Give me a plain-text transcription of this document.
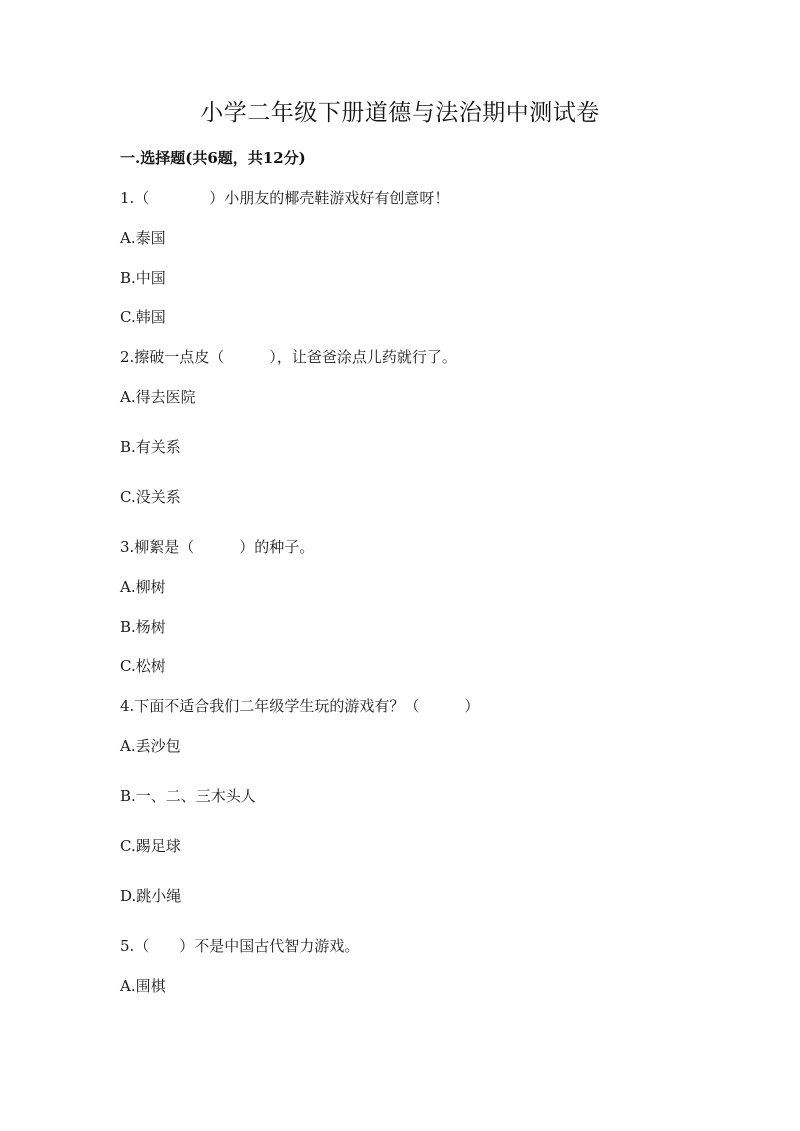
小学二年级下册道德与法治期中测试卷
一.选择题(共6题，共12分)
1.（　　　　）小朋友的椰壳鞋游戏好有创意呀！
A.泰国
B.中国
C.韩国
2.擦破一点皮（　　　），让爸爸涂点儿药就行了。
A.得去医院
B.有关系
C.没关系
3.柳絮是（　　　）的种子。
A.柳树
B.杨树
C.松树
4.下面不适合我们二年级学生玩的游戏有？（　　　）
A.丢沙包
B.一、二、三木头人
C.踢足球
D.跳小绳
5.（　　）不是中国古代智力游戏。
A.围棋
